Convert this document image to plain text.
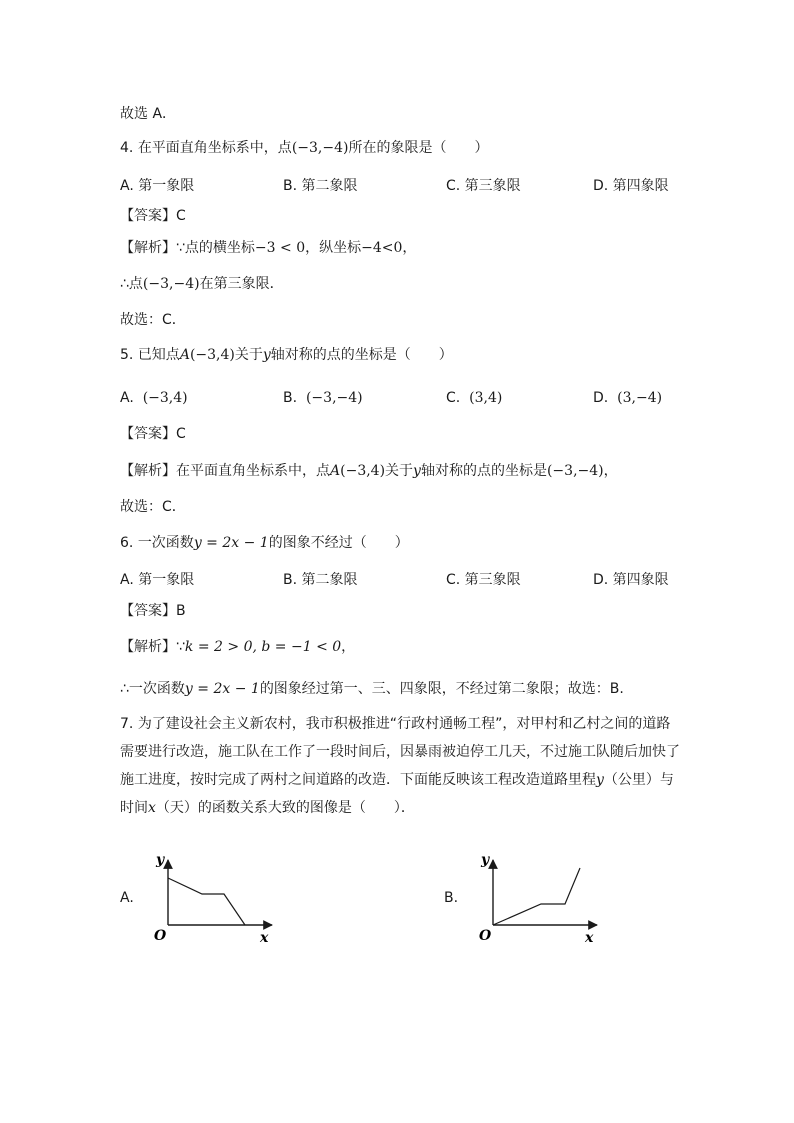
故选 A．
4. 在平面直角坐标系中，点(−3,−4)所在的象限是（　　）
A. 第一象限	B. 第二象限	C. 第三象限	D. 第四象限
【答案】C
【解析】∵点的横坐标−3 < 0，纵坐标−4<0，
∴点(−3,−4)在第三象限．
故选：C．
5. 已知点A(−3,4)关于y轴对称的点的坐标是（　　）
A. (−3,4)	B. (−3,−4)	C. (3,4)	D. (3,−4)
【答案】C
【解析】在平面直角坐标系中，点A(−3,4)关于y轴对称的点的坐标是(−3,−4)，
故选：C．
6. 一次函数y = 2x − 1的图象不经过（　　）
A. 第一象限	B. 第二象限	C. 第三象限	D. 第四象限
【答案】B
【解析】∵k = 2 > 0, b = −1 < 0，
∴一次函数y = 2x − 1的图象经过第一、三、四象限，不经过第二象限；故选：B.
7. 为了建设社会主义新农村，我市积极推进“行政村通畅工程”，对甲村和乙村之间的道路需要进行改造，施工队在工作了一段时间后，因暴雨被迫停工几天，不过施工队随后加快了施工进度，按时完成了两村之间道路的改造．下面能反映该工程改造道路里程y（公里）与时间x（天）的函数关系大致的图像是（　　）．
A.
y
O	x
B.
y
O	x
